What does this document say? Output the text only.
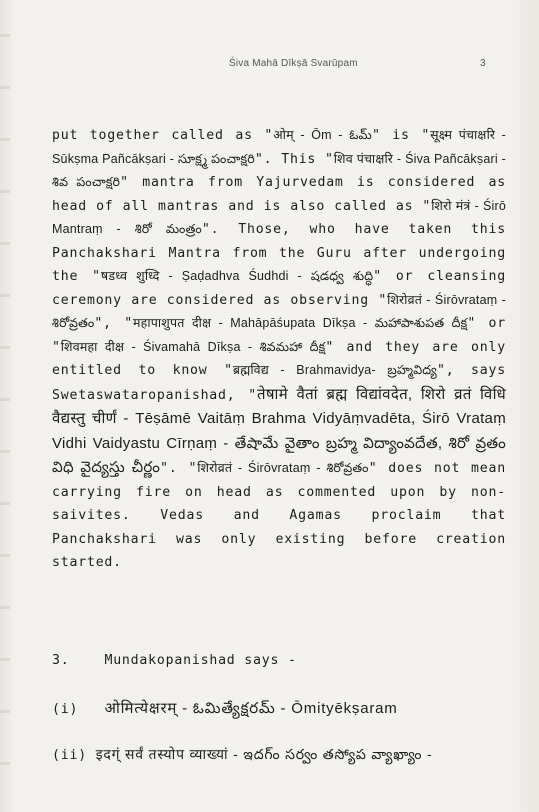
Śiva Mahā Dīkṣā Svarūpam	3

put together called as "ओम् - Ōm - ఓమ్" is "सूक्ष्म पंचाक्षरि - Sūkṣma Pañcākṣari - సూక్ష్మ పంచాక్షరి". This "शिव पंचाक्षरि - Śiva Pañcākṣari - శివ పంచాక్షరి" mantra from Yajurvedam is considered as head of all mantras and is also called as "शिरो मंत्रं - Śirō Mantraṃ - శిరో మంత్రం". Those, who have taken this Panchakshari Mantra from the Guru after undergoing the "षडध्व शुध्दि - Ṣaḍadhva Śudhdi - షడధ్వ శుద్ధి" or cleansing ceremony are considered as observing "शिरोव्रतं - Śirōvrataṃ - శిరోవ్రతం", "महापाशुपत दीक्ष - Mahāpāśupata Dīkṣa - మహాపాశుపత దీక్ష" or "शिवमहा दीक्ष - Śivamahā Dīkṣa - శివమహా దీక్ష" and they are only entitled to know "ब्रह्मविद्य - Brahmavidya- బ్రహ్మవిద్య", says Swetaswataropanishad, "तेषामे वैतां ब्रह्म विद्यांवदेत, शिरो व्रतं विधि वैद्यस्तु चीर्णं - Tēṣāmē Vaitāṃ Brahma Vidyāṃvadēta, Śirō Vrataṃ Vidhi Vaidyastu Cīrṇaṃ - తేషామే వైతాం బ్రహ్మ విద్యాంవదేత, శిరో వ్రతం విధి వైద్యస్తు చీర్ణం". "शिरोव्रतं - Śirōvrataṃ - శిరోవ్రతం" does not mean carrying fire on head as commented upon by non-saivites. Vedas and Agamas proclaim that Panchakshari was only existing before creation started.

3.	Mundakopanishad says -
(i) ओमित्येक्षरम् - ఓమిత్యేక్షరమ్ - Ōmityēkṣaram
(ii) इदग्ं सर्वं तस्योप व्याख्यां - ఇదగ్ం సర్వం తస్యోప వ్యాఖ్యాం -
